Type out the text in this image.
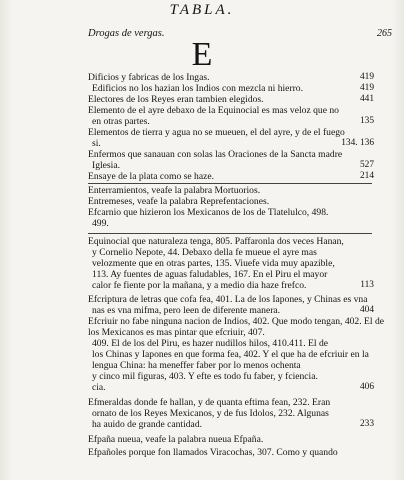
TABLA.
Drogas de vergas.	265
E
Dificios y fabricas de los Ingas.	419
Edificios no los hazian los Indios con mezcla ni hierro.	419
Electores de los Reyes eran tambien elegidos.	441
Elemento de el ayre debaxo de la Equinocial es mas veloz que no
en otras partes.	135
Elementos de tierra y agua no se mueuen, el del ayre, y de el fuego
si.	134. 136
Enfermos que sanauan con solas las Oraciones de la Sancta madre
Iglesia.	527
Ensaye de la plata como se haze.	214
Enterramientos, veafe la palabra Mortuorios.
Entremeses, veafe la palabra Reprefentaciones.
Efcarnio que hizieron los Mexicanos de los de Tlatelulco, 498.
499.
Equinocial que naturaleza tenga, 805. Paffaronla dos veces Hanan,
y Cornelio Nepote, 44. Debaxo della fe mueue el ayre mas
velozmente que en otras partes, 135. Viuefe vida muy apazible,
113. Ay fuentes de aguas faludables, 167. En el Piru el mayor
calor fe fiente por la mañana, y a medio dia haze frefco.	113
Efcriptura de letras que cofa fea, 401. La de los Iapones, y Chinas es vna
nas es vna mifma, pero leen de diferente manera.	404
Efcriuir no fabe ninguna nacion de Indios, 402. Que modo tengan, 402. El de los Mexicanos es mas pintar que efcriuir, 407.
409. El de los del Piru, es hazer nudillos hilos, 410.411. El de
los Chinas y Iapones en que forma fea, 402. Y el que ha de efcriuir en la lengua China: ha meneffer faber por lo menos ochenta
y cinco mil figuras, 403. Y efte es todo fu faber, y fciencia.
cia.	406
Efmeraldas donde fe hallan, y de quanta eftima fean, 232. Eran
ornato de los Reyes Mexicanos, y de fus Idolos, 232. Algunas
ha auido de grande cantidad.	233
Efpaña nueua, veafe la palabra nueua Efpaña.
Efpañoles porque fon llamados Viracochas, 307. Como y quando
